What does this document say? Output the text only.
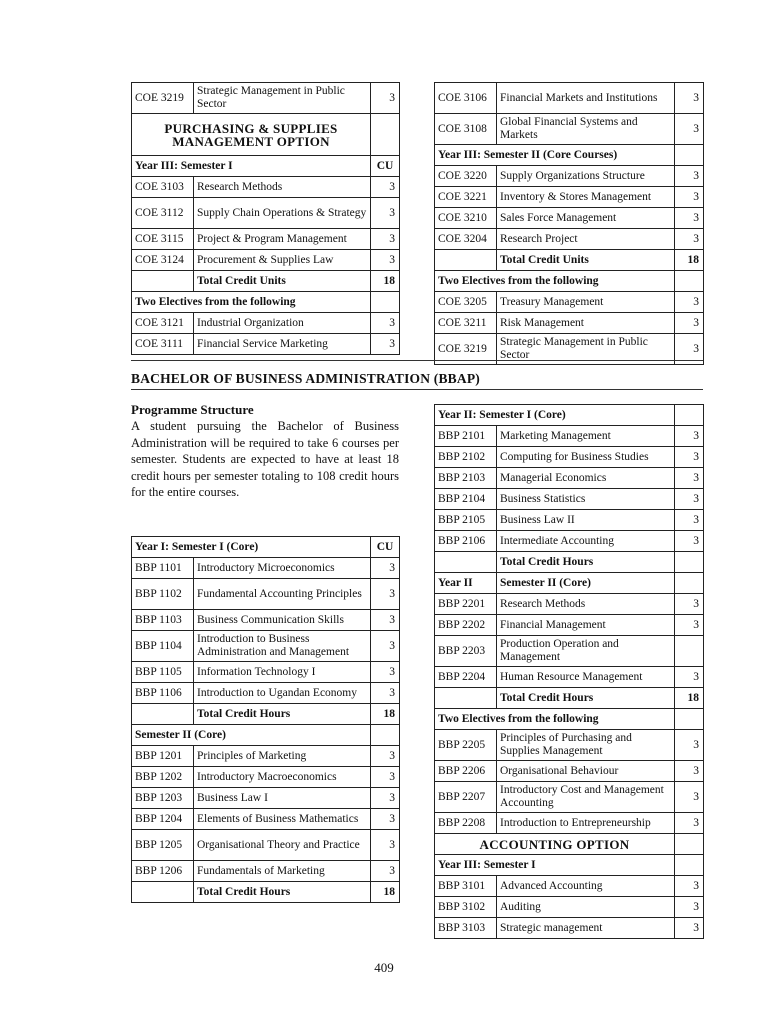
COE 3219	Strategic Management in Public Sector	3
PURCHASING & SUPPLIES MANAGEMENT OPTION		
Year III: Semester I		CU
COE 3103	Research Methods	3
COE 3112	Supply Chain Operations & Strategy	3
COE 3115	Project & Program Management	3
COE 3124	Procurement & Supplies Law	3
	Total Credit Units	18
Two Electives from the following		
COE 3121	Industrial Organization	3
COE 3111	Financial Service Marketing	3
COE 3106	Financial Markets and Institutions	3
COE 3108	Global Financial Systems and Markets	3
Year III: Semester II (Core Courses)		
COE 3220	Supply Organizations Structure	3
COE 3221	Inventory & Stores Management	3
COE 3210	Sales Force Management	3
COE 3204	Research Project	3
	Total Credit Units	18
Two Electives from the following		
COE 3205	Treasury Management	3
COE 3211	Risk Management	3
COE 3219	Strategic Management in Public Sector	3
BACHELOR OF BUSINESS ADMINISTRATION (BBAP)
Programme Structure
A student pursuing the Bachelor of Business Administration will be required to take 6 courses per semester. Students are expected to have at least 18 credit hours per semester totaling to 108 credit hours for the entire courses.
Year I: Semester I (Core)		CU
BBP 1101	Introductory Microeconomics	3
BBP 1102	Fundamental Accounting Principles	3
BBP 1103	Business Communication Skills	3
BBP 1104	Introduction to Business Administration and Management	3
BBP 1105	Information Technology I	3
BBP 1106	Introduction to Ugandan Economy	3
	Total Credit Hours	18
Semester II (Core)		
BBP 1201	Principles of Marketing	3
BBP 1202	Introductory Macroeconomics	3
BBP 1203	Business Law I	3
BBP 1204	Elements of Business Mathematics	3
BBP 1205	Organisational Theory and Practice	3
BBP 1206	Fundamentals of Marketing	3
	Total Credit Hours	18
Year II: Semester I (Core)		
BBP 2101	Marketing Management	3
BBP 2102	Computing for Business Studies	3
BBP 2103	Managerial Economics	3
BBP 2104	Business Statistics	3
BBP 2105	Business Law II	3
BBP 2106	Intermediate Accounting	3
	Total Credit Hours	
Year II	Semester II (Core)	
BBP 2201	Research Methods	3
BBP 2202	Financial Management	3
BBP 2203	Production Operation and Management	
BBP 2204	Human Resource Management	3
	Total Credit Hours	18
Two Electives from the following		
BBP 2205	Principles of Purchasing and Supplies Management	3
BBP 2206	Organisational Behaviour	3
BBP 2207	Introductory Cost and Management Accounting	3
BBP 2208	Introduction to Entrepreneurship	3
ACCOUNTING OPTION		
Year III: Semester I		
BBP 3101	Advanced Accounting	3
BBP 3102	Auditing	3
BBP 3103	Strategic management	3
409
